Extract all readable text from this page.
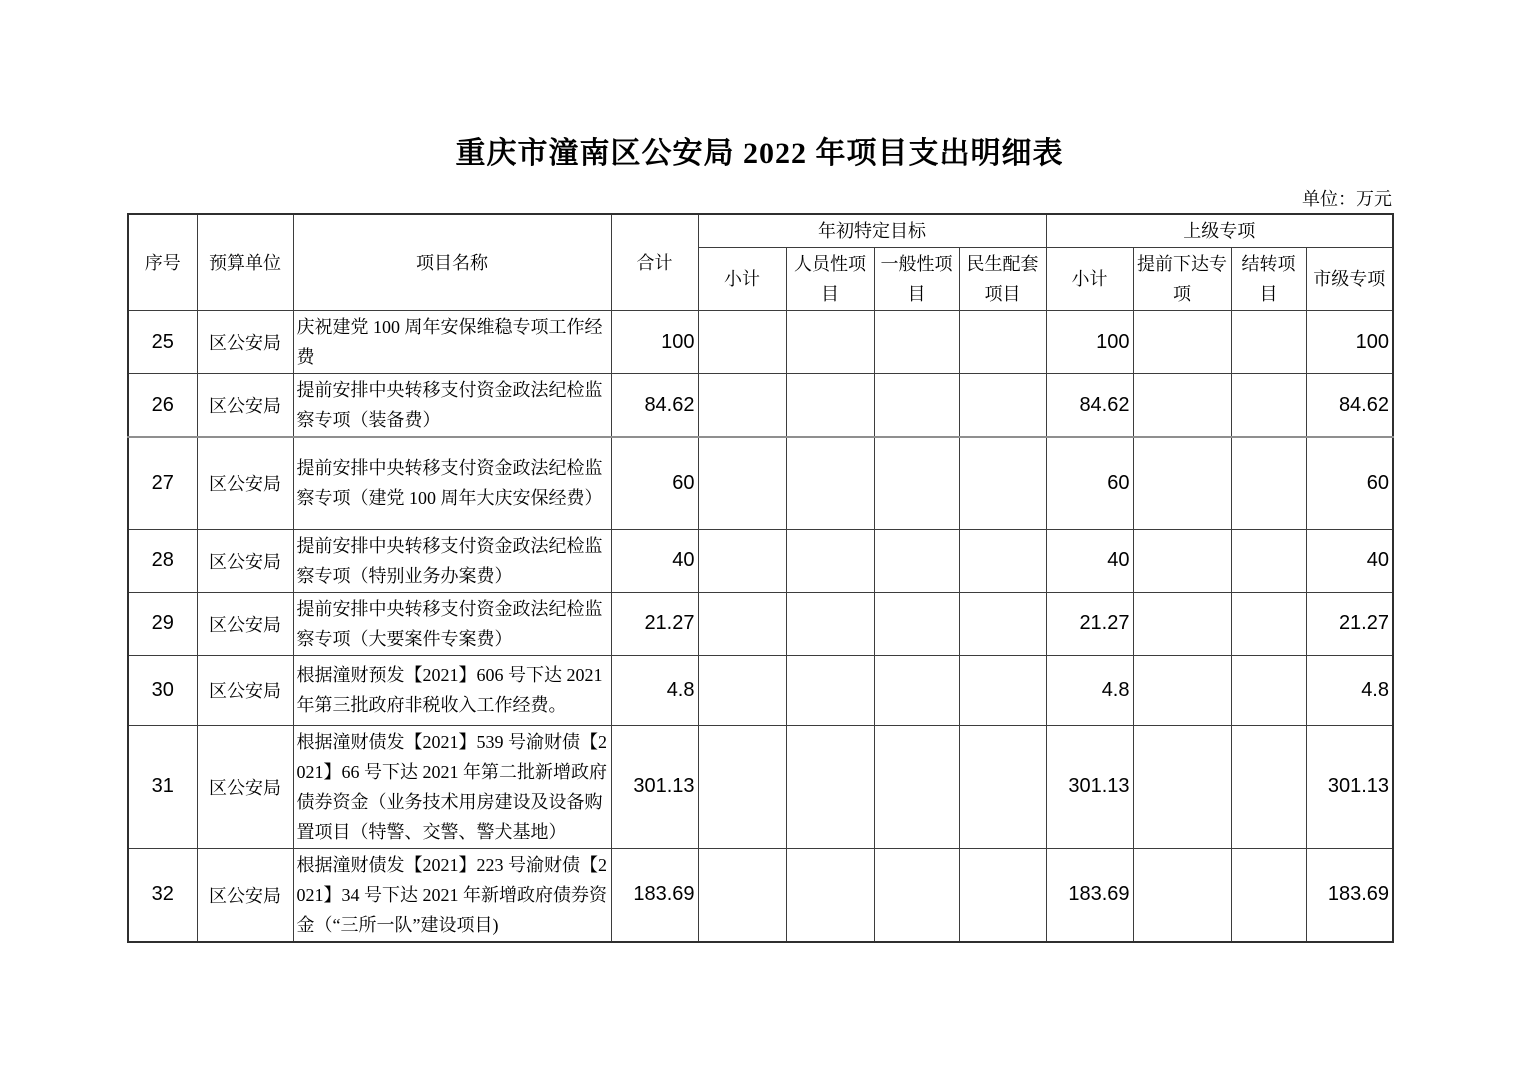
重庆市潼南区公安局 2022 年项目支出明细表
单位：万元
序号	预算单位	项目名称	合计	年初特定目标				上级专项			
				小计	人员性项目	一般性项目	民生配套项目	小计	提前下达专项	结转项目	市级专项
25	区公安局	庆祝建党 100 周年安保维稳专项工作经费	100					100			100
26	区公安局	提前安排中央转移支付资金政法纪检监察专项（装备费）	84.62					84.62			84.62
27	区公安局	提前安排中央转移支付资金政法纪检监察专项（建党 100 周年大庆安保经费）	60					60			60
28	区公安局	提前安排中央转移支付资金政法纪检监察专项（特别业务办案费）	40					40			40
29	区公安局	提前安排中央转移支付资金政法纪检监察专项（大要案件专案费）	21.27					21.27			21.27
30	区公安局	根据潼财预发【2021】606 号下达 2021 年第三批政府非税收入工作经费。	4.8					4.8			4.8
31	区公安局	根据潼财债发【2021】539 号渝财债【2021】66 号下达 2021 年第二批新增政府债券资金（业务技术用房建设及设备购置项目（特警、交警、警犬基地）	301.13					301.13			301.13
32	区公安局	根据潼财债发【2021】223 号渝财债【2021】34 号下达 2021 年新增政府债券资金（“三所一队”建设项目)	183.69					183.69			183.69
